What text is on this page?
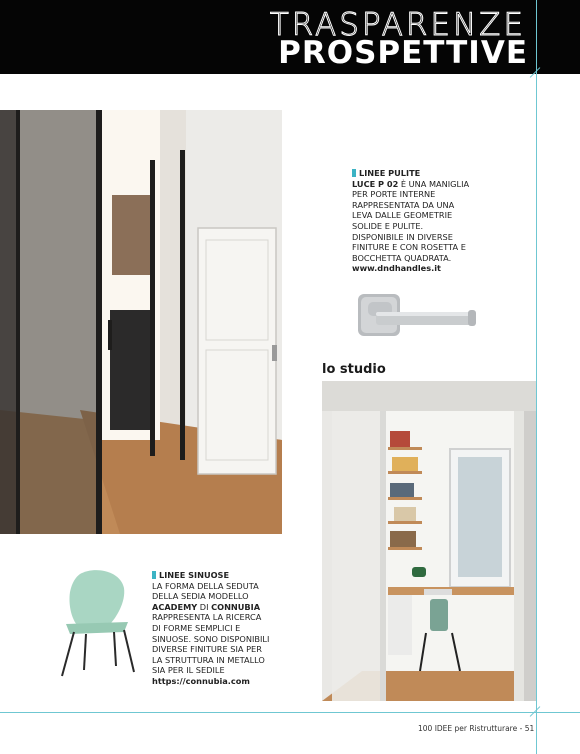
TRASPARENZE
PROSPETTIVE
LINEE PULITE
LUCE P 02 È UNA MANIGLIA PER PORTE INTERNE RAPPRESENTATA DA UNA LEVA DALLE GEOMETRIE SOLIDE E PULITE. DISPONIBILE IN DIVERSE FINITURE E CON ROSETTA E BOCCHETTA QUADRATA.
www.dndhandles.it
lo studio
LINEE SINUOSE
LA FORMA DELLA SEDUTA DELLA SEDIA MODELLO ACADEMY DI CONNUBIA RAPPRESENTA LA RICERCA DI FORME SEMPLICI E SINUOSE. SONO DISPONIBILI DIVERSE FINITURE SIA PER LA STRUTTURA IN METALLO SIA PER IL SEDILE
https://connubia.com
100 IDEE per Ristrutturare - 51
